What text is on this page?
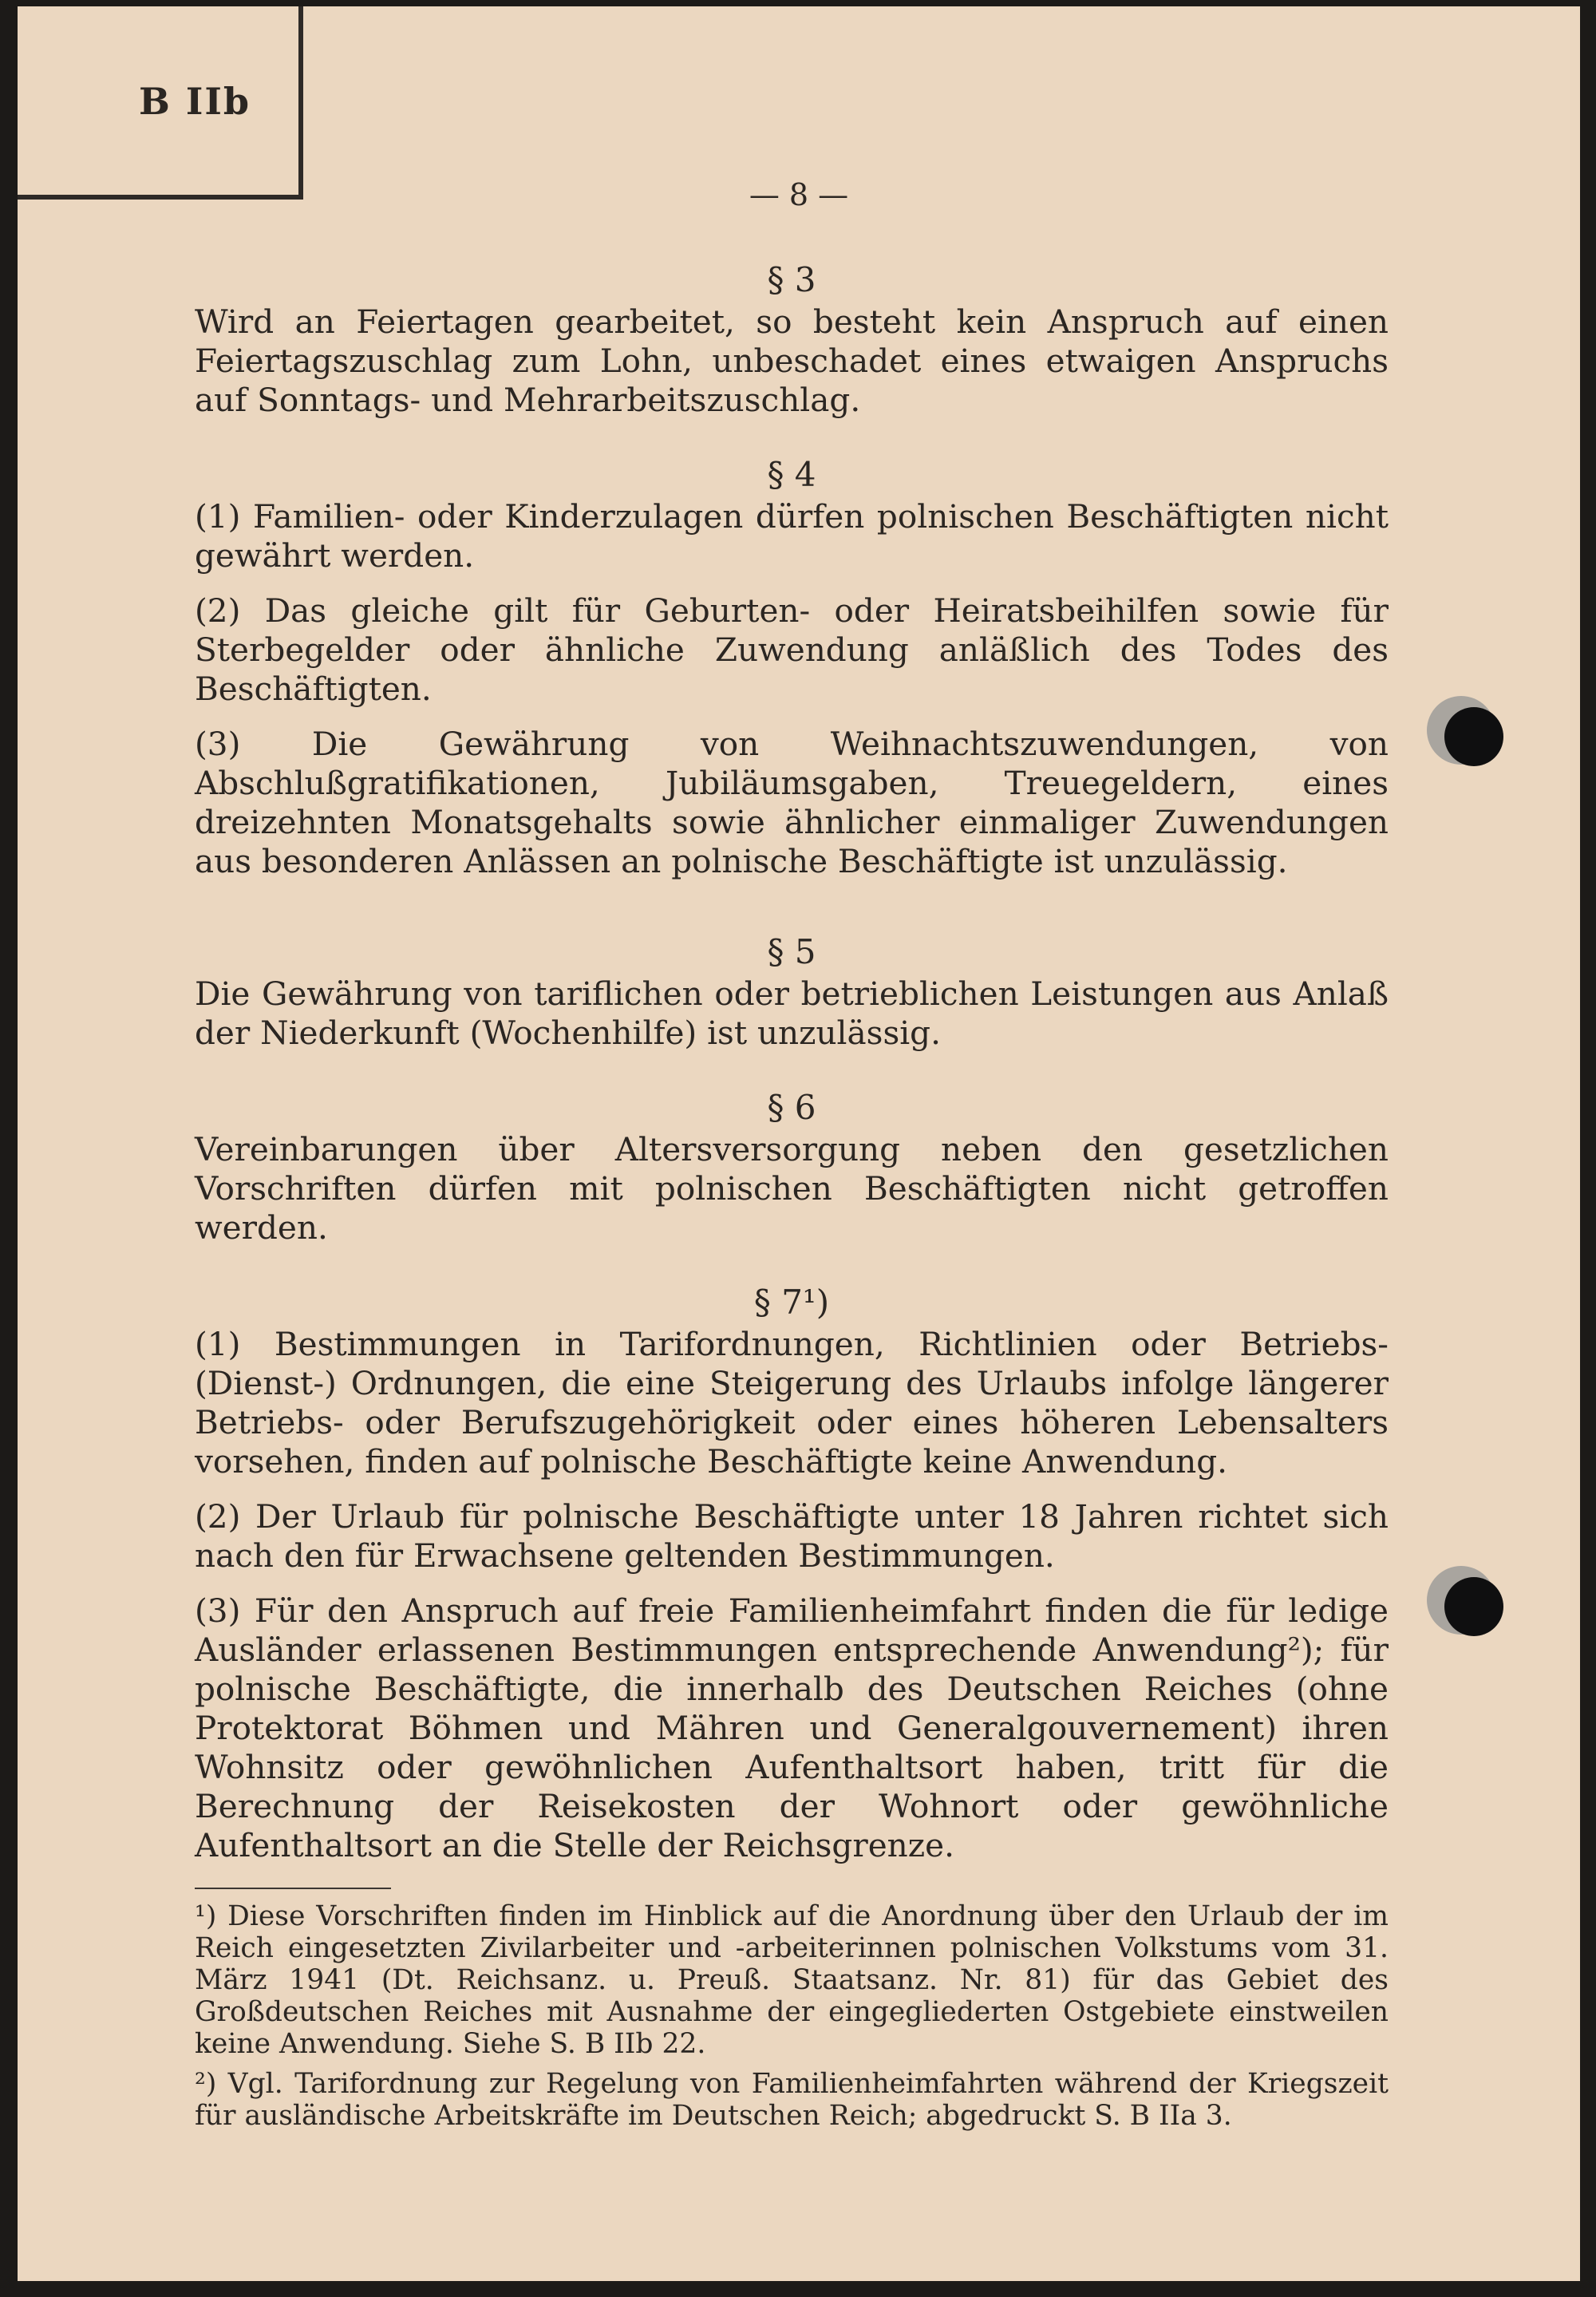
B IIb
— 8 —
§ 3
Wird an Feiertagen gearbeitet, so besteht kein Anspruch auf einen Feiertagszuschlag zum Lohn, unbeschadet eines etwaigen Anspruchs auf Sonntags- und Mehrarbeitszuschlag.
§ 4
(1) Familien- oder Kinderzulagen dürfen polnischen Beschäftigten nicht gewährt werden.
(2) Das gleiche gilt für Geburten- oder Heiratsbeihilfen sowie für Sterbegelder oder ähnliche Zuwendung anläßlich des Todes des Beschäftigten.
(3) Die Gewährung von Weihnachtszuwendungen, von Abschlußgratifikationen, Jubiläumsgaben, Treuegeldern, eines dreizehnten Monatsgehalts sowie ähnlicher einmaliger Zuwendungen aus besonderen Anlässen an polnische Beschäftigte ist unzulässig.
§ 5
Die Gewährung von tariflichen oder betrieblichen Leistungen aus Anlaß der Niederkunft (Wochenhilfe) ist unzulässig.
§ 6
Vereinbarungen über Altersversorgung neben den gesetzlichen Vorschriften dürfen mit polnischen Beschäftigten nicht getroffen werden.
§ 7¹)
(1) Bestimmungen in Tarifordnungen, Richtlinien oder Betriebs- (Dienst-) Ordnungen, die eine Steigerung des Urlaubs infolge längerer Betriebs- oder Berufszugehörigkeit oder eines höheren Lebensalters vorsehen, finden auf polnische Beschäftigte keine Anwendung.
(2) Der Urlaub für polnische Beschäftigte unter 18 Jahren richtet sich nach den für Erwachsene geltenden Bestimmungen.
(3) Für den Anspruch auf freie Familienheimfahrt finden die für ledige Ausländer erlassenen Bestimmungen entsprechende Anwendung²); für polnische Beschäftigte, die innerhalb des Deutschen Reiches (ohne Protektorat Böhmen und Mähren und Generalgouvernement) ihren Wohnsitz oder gewöhnlichen Aufenthaltsort haben, tritt für die Berechnung der Reisekosten der Wohnort oder gewöhnliche Aufenthaltsort an die Stelle der Reichsgrenze.
¹) Diese Vorschriften finden im Hinblick auf die Anordnung über den Urlaub der im Reich eingesetzten Zivilarbeiter und -arbeiterinnen polnischen Volkstums vom 31. März 1941 (Dt. Reichsanz. u. Preuß. Staatsanz. Nr. 81) für das Gebiet des Großdeutschen Reiches mit Ausnahme der eingegliederten Ostgebiete einstweilen keine Anwendung. Siehe S. B IIb 22.
²) Vgl. Tarifordnung zur Regelung von Familienheimfahrten während der Kriegszeit für ausländische Arbeitskräfte im Deutschen Reich; abgedruckt S. B IIa 3.
